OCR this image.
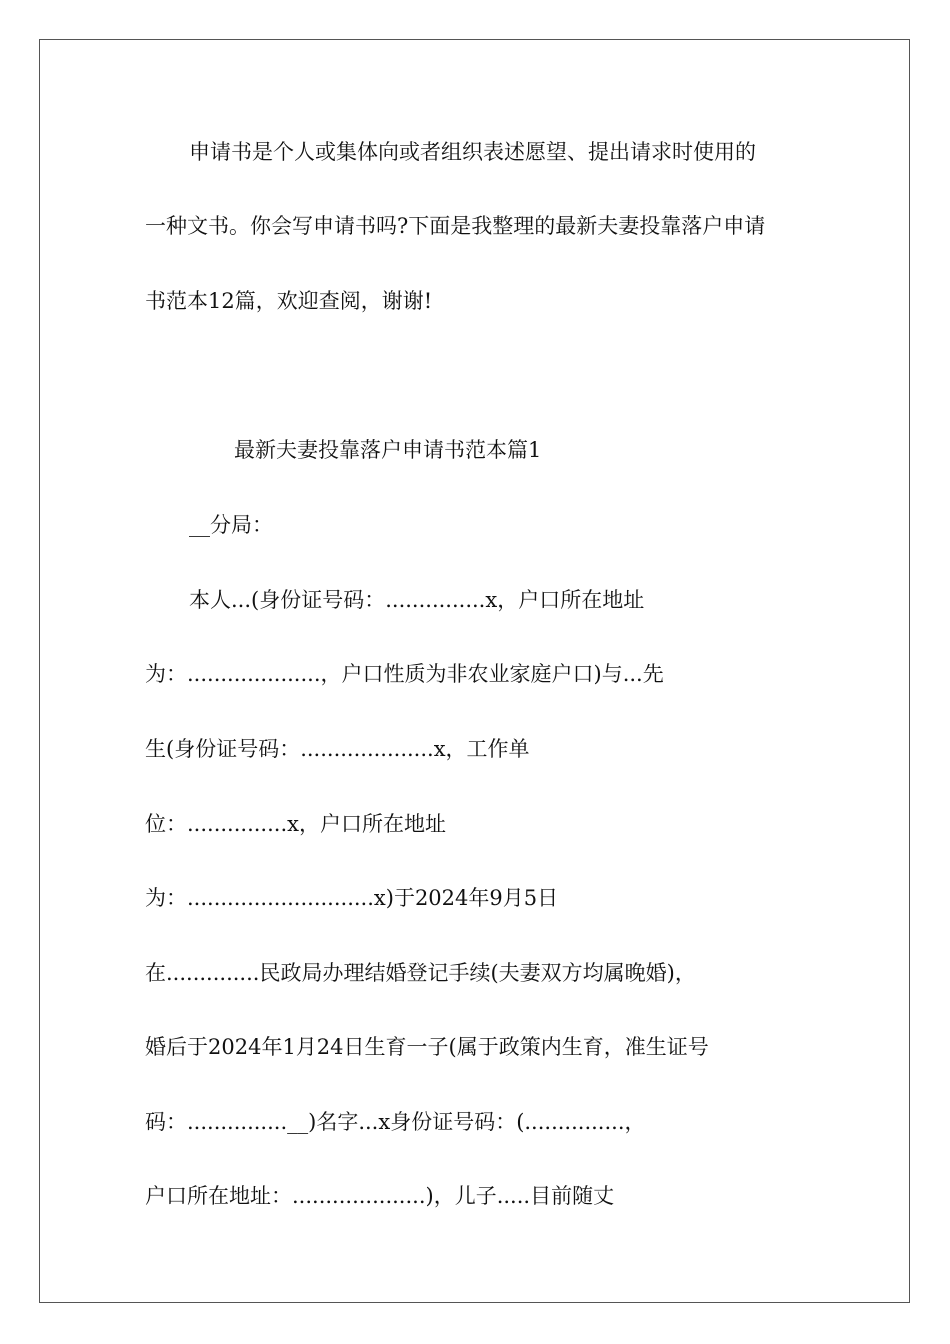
申请书是个人或集体向或者组织表述愿望、提出请求时使用的
一种文书。你会写申请书吗?下面是我整理的最新夫妻投靠落户申请
书范本12篇，欢迎查阅，谢谢!
最新夫妻投靠落户申请书范本篇1
__分局：
本人...(身份证号码：...............x，户口所在地址
为：....................，户口性质为非农业家庭户口)与...先
生(身份证号码：....................x，工作单
位：...............x，户口所在地址
为：............................x)于2024年9月5日
在..............民政局办理结婚登记手续(夫妻双方均属晚婚)，
婚后于2024年1月24日生育一子(属于政策内生育，准生证号
码：...............__)名字...x身份证号码：(...............，
户口所在地址：....................)，儿子.....目前随丈
